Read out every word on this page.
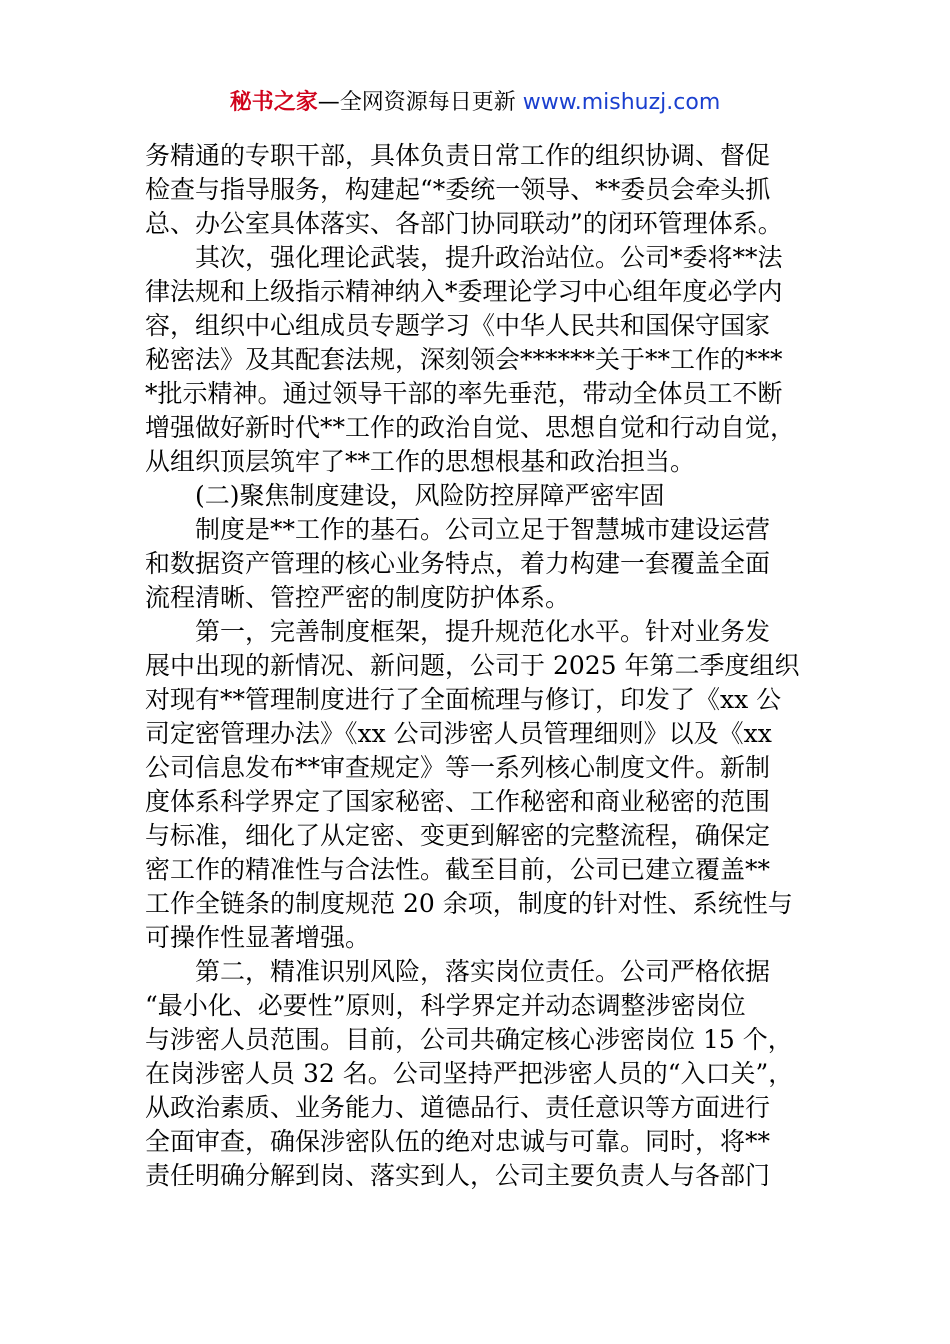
秘书之家—全网资源每日更新 www.mishuzj.com
务精通的专职干部，具体负责日常工作的组织协调、督促
检查与指导服务，构建起“*委统一领导、**委员会牵头抓
总、办公室具体落实、各部门协同联动”的闭环管理体系。
　　其次，强化理论武装，提升政治站位。公司*委将**法
律法规和上级指示精神纳入*委理论学习中心组年度必学内
容，组织中心组成员专题学习《中华人民共和国保守国家
秘密法》及其配套法规，深刻领会******关于**工作的***
*批示精神。通过领导干部的率先垂范，带动全体员工不断
增强做好新时代**工作的政治自觉、思想自觉和行动自觉，
从组织顶层筑牢了**工作的思想根基和政治担当。
　　(二)聚焦制度建设，风险防控屏障严密牢固
　　制度是**工作的基石。公司立足于智慧城市建设运营
和数据资产管理的核心业务特点，着力构建一套覆盖全面
流程清晰、管控严密的制度防护体系。
　　第一，完善制度框架，提升规范化水平。针对业务发
展中出现的新情况、新问题，公司于 2025 年第二季度组织
对现有**管理制度进行了全面梳理与修订，印发了《xx 公
司定密管理办法》《xx 公司涉密人员管理细则》以及《xx
公司信息发布**审查规定》等一系列核心制度文件。新制
度体系科学界定了国家秘密、工作秘密和商业秘密的范围
与标准，细化了从定密、变更到解密的完整流程，确保定
密工作的精准性与合法性。截至目前，公司已建立覆盖**
工作全链条的制度规范 20 余项，制度的针对性、系统性与
可操作性显著增强。
　　第二，精准识别风险，落实岗位责任。公司严格依据
“最小化、必要性”原则，科学界定并动态调整涉密岗位
与涉密人员范围。目前，公司共确定核心涉密岗位 15 个，
在岗涉密人员 32 名。公司坚持严把涉密人员的“入口关”，
从政治素质、业务能力、道德品行、责任意识等方面进行
全面审查，确保涉密队伍的绝对忠诚与可靠。同时，将**
责任明确分解到岗、落实到人，公司主要负责人与各部门
